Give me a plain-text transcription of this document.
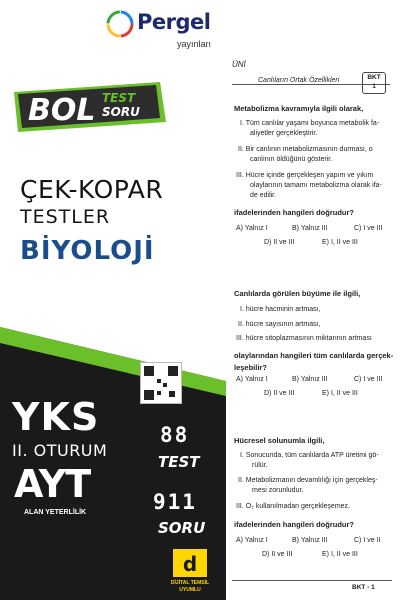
Pergel
yayınları
BOL TEST
SORU
ÇEK-KOPAR
TESTLER
BİYOLOJİ
YKS
II. OTURUM
AYT
ALAN YETERLİLİK
88
TEST
911
SORU
d
DİJİTAL TEMSİL
UYUMLU
ÜNİ
Canlıların Ortak Özellikleri	BKT
1
Metabolizma kavramıyla ilgili olarak,
I. Tüm canlılar yaşamı boyunca metabolik fa-
aliyetler gerçekleştirir.
II. Bir canlının metabolizmasının durması, o
canlının öldüğünü gösterir.
III. Hücre içinde gerçekleşen yapım ve yıkım
olaylarının tamamı metabolizma olarak ifa-
de edilir.
ifadelerinden hangileri doğrudur?
A) Yalnız I	B) Yalnız III	C) I ve III
D) II ve III	E) I, II ve III
Canlılarda görülen büyüme ile ilgili,
I. hücre hacminin artması,
II. hücre sayısının artması,
III. hücre sitoplazmasının miktarının artması
olaylarından hangileri tüm canlılarda gerçek- leşebilir?
A) Yalnız I	B) Yalnız III	C) I ve III
D) II ve III	E) I, II ve III
Hücresel solunumla ilgili,
I. Sonucunda, tüm canlılarda ATP üretimi gö-
rülür.
II. Metabolizmanın devamlılığı için gerçekleş-
mesi zorunludur.
III. O₂ kullanılmadan gerçekleşemez.
ifadelerinden hangileri doğrudur?
A) Yalnız I	B) Yalnız III	C) I ve II
D) II ve III	E) I, II ve III
BKT - 1
